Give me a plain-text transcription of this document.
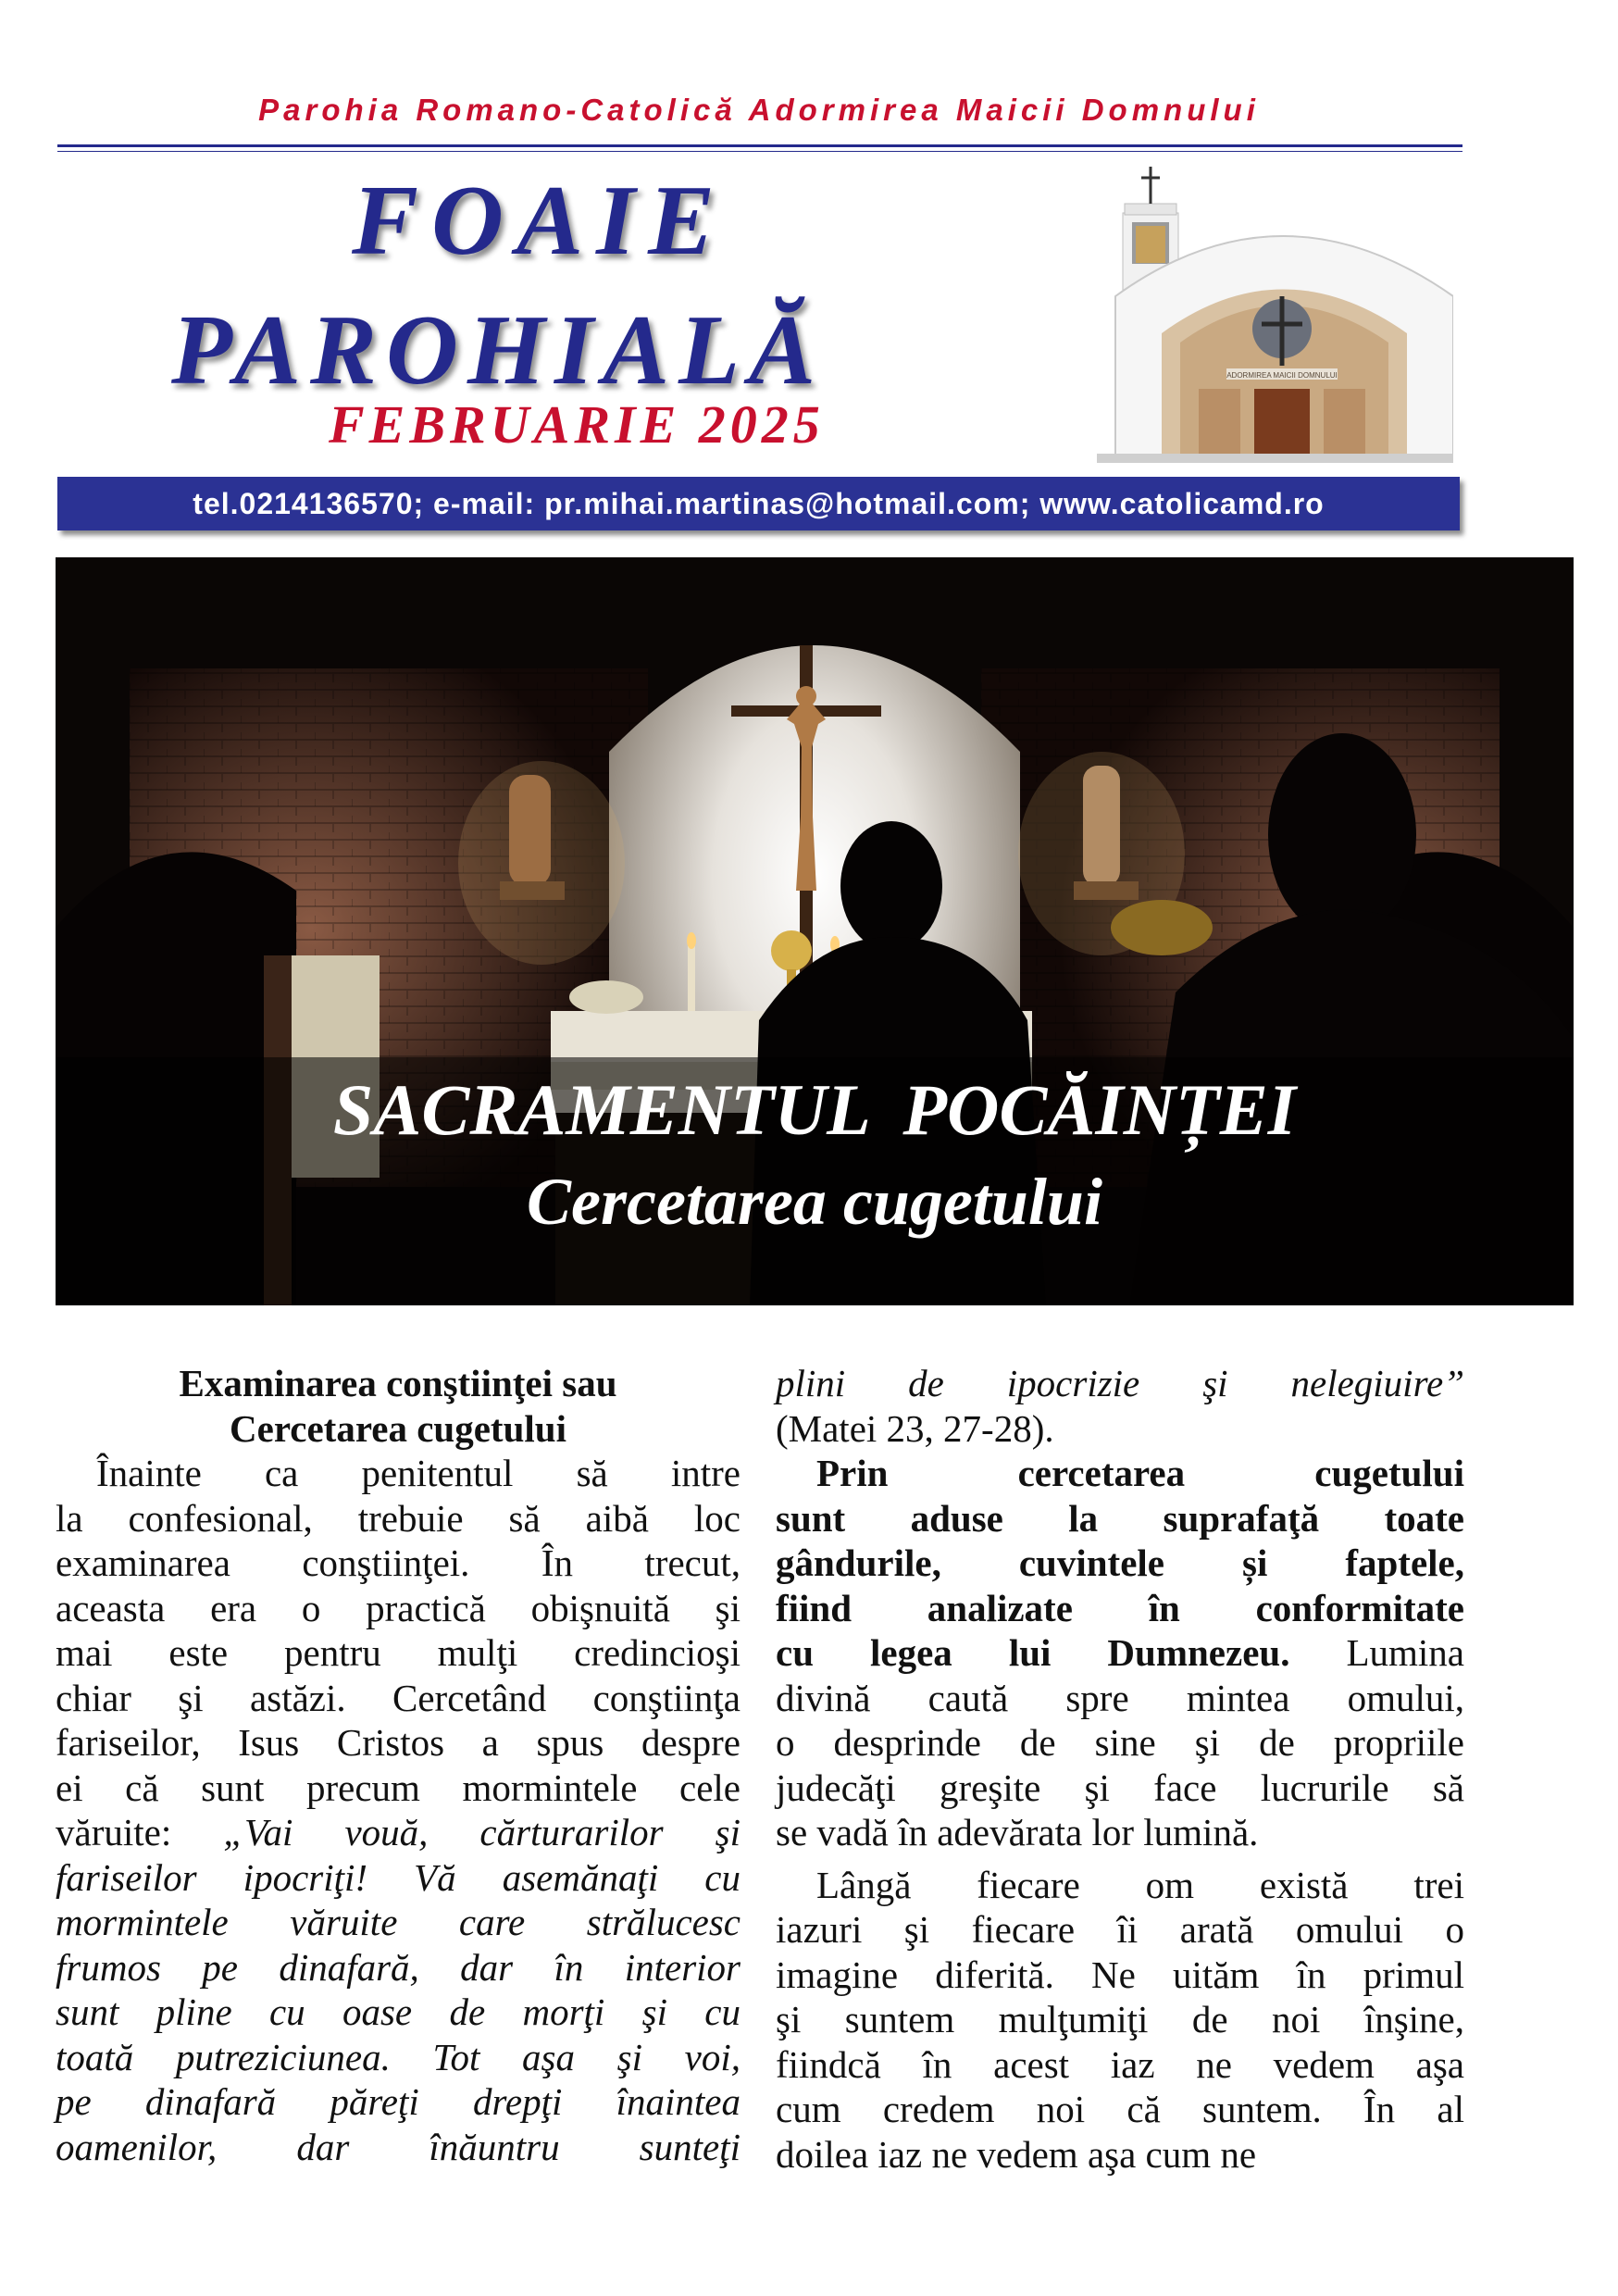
Parohia Romano-Catolică Adormirea Maicii Domnului
FOAIE
PAROHIALĂ
FEBRUARIE 2025
ADORMIREA MAICII DOMNULUI
tel.0214136570; e-mail: pr.mihai.martinas@hotmail.com; www.catolicamd.ro
SACRAMENTUL POCĂINȚEI
Cercetarea cugetului
Examinarea conştiinţei sau
Cercetarea cugetului
Înainte ca penitentul să intre
la confesional, trebuie să aibă loc
examinarea conştiinţei. În trecut,
aceasta era o practică obişnuită şi
mai este pentru mulţi credincioşi
chiar şi astăzi. Cercetând conştiinţa
fariseilor, Isus Cristos a spus despre
ei că sunt precum mormintele cele
văruite: „Vai vouă, cărturarilor şi
fariseilor ipocriţi! Vă asemănaţi cu
mormintele văruite care strălucesc
frumos pe dinafară, dar în interior
sunt pline cu oase de morţi şi cu
toată putreziciunea. Tot aşa şi voi,
pe dinafară păreţi drepţi înaintea
oamenilor, dar înăuntru sunteţi
plini de ipocrizie şi nelegiuire”
(Matei 23, 27-28).
Prin cercetarea cugetului
sunt aduse la suprafaţă toate
gândurile, cuvintele și faptele,
fiind analizate în conformitate
cu legea lui Dumnezeu. Lumina
divină caută spre mintea omului,
o desprinde de sine şi de propriile
judecăţi greşite şi face lucrurile să
se vadă în adevărata lor lumină.
Lângă fiecare om există trei
iazuri şi fiecare îi arată omului o
imagine diferită. Ne uităm în primul
şi suntem mulţumiţi de noi înşine,
fiindcă în acest iaz ne vedem aşa
cum credem noi că suntem. În al
doilea iaz ne vedem aşa cum ne
